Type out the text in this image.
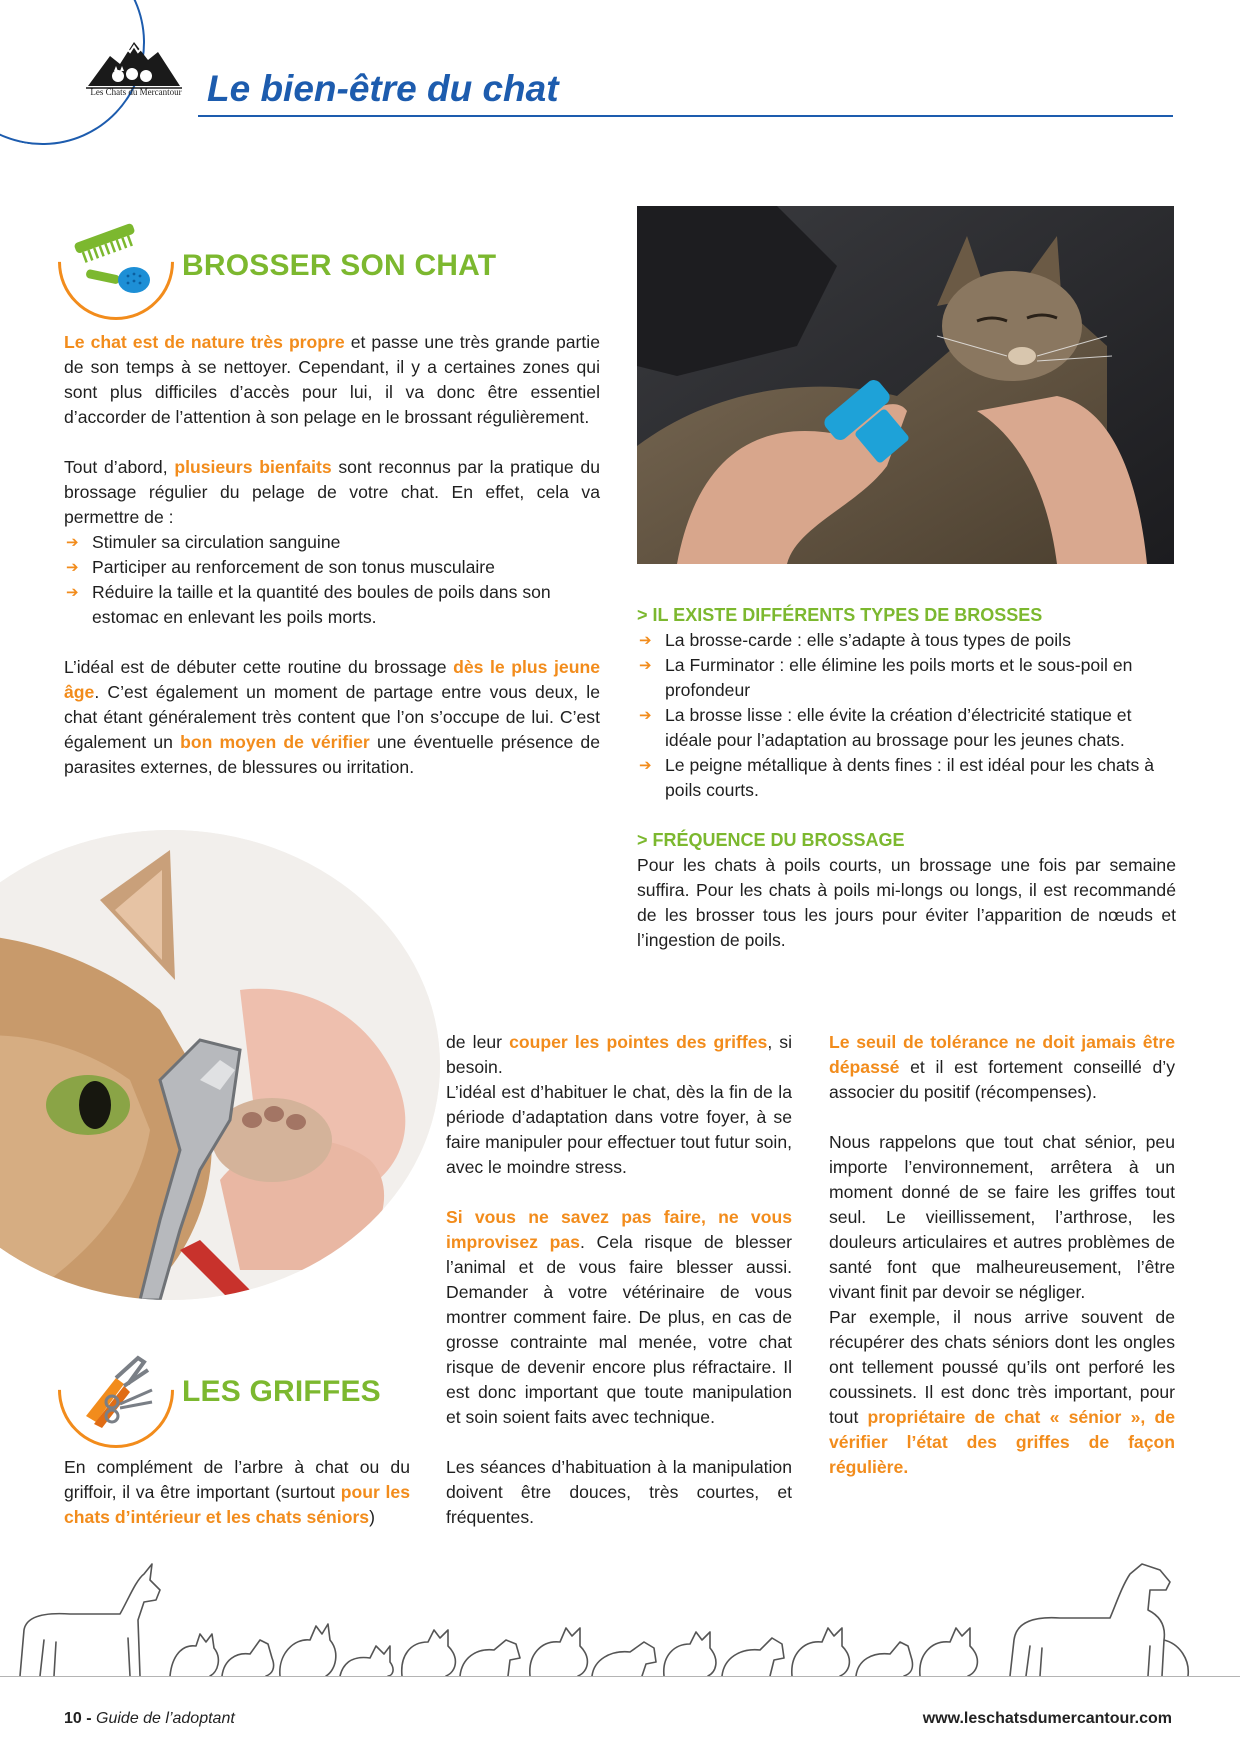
Les Chats du Mercantour Le bien-être du chat
BROSSER SON CHAT

Le chat est de nature très propre et passe une très grande partie de son temps à se nettoyer. Cependant, il y a certaines zones qui sont plus difficiles d’accès pour lui, il va donc être essentiel d’accorder de l’attention à son pelage en le brossant régulièrement.

Tout d’abord, plusieurs bienfaits sont reconnus par la pratique du brossage régulier du pelage de votre chat. En effet, cela va permettre de :

➔ Stimuler sa circulation sanguine
➔ Participer au renforcement de son tonus musculaire
➔ Réduire la taille et la quantité des boules de poils dans son estomac en enlevant les poils morts.

L’idéal est de débuter cette routine du brossage dès le plus jeune âge. C’est également un moment de partage entre vous deux, le chat étant généralement très content que l’on s’occupe de lui. C’est également un bon moyen de vérifier une éventuelle présence de parasites externes, de blessures ou irritation.

> IL EXISTE DIFFÉRENTS TYPES DE BROSSES
➔ La brosse-carde : elle s’adapte à tous types de poils
➔ La Furminator : elle élimine les poils morts et le sous-poil en profondeur
➔ La brosse lisse : elle évite la création d’électricité statique et idéale pour l’adaptation au brossage pour les jeunes chats.
➔ Le peigne métallique à dents fines : il est idéal pour les chats à poils courts.
> FRÉQUENCE DU BROSSAGE

Pour les chats à poils courts, un brossage une fois par semaine suffira. Pour les chats à poils mi-longs ou longs, il est recommandé de les brosser tous les jours pour éviter l’apparition de nœuds et l’ingestion de poils.

LES GRIFFES

En complément de l’arbre à chat ou du griffoir, il va être important (surtout pour les chats d’intérieur et les chats séniors)

de leur couper les pointes des griffes, si besoin.

L’idéal est d’habituer le chat, dès la fin de la période d’adaptation dans votre foyer, à se faire manipuler pour effectuer tout futur soin, avec le moindre stress.

Si vous ne savez pas faire, ne vous improvisez pas. Cela risque de blesser l’animal et de vous faire blesser aussi. Demander à votre vétérinaire de vous montrer comment faire. De plus, en cas de grosse contrainte mal menée, votre chat risque de devenir encore plus réfractaire. Il est donc important que toute manipulation et soin soient faits avec technique.

Les séances d’habituation à la manipulation doivent être douces, très courtes, et fréquentes.

Le seuil de tolérance ne doit jamais être dépassé et il est fortement conseillé d’y associer du positif (récompenses).

Nous rappelons que tout chat sénior, peu importe l’environnement, arrêtera à un moment donné de se faire les griffes tout seul. Le vieillissement, l’arthrose, les douleurs articulaires et autres problèmes de santé font que malheureusement, l’être vivant finit par devoir se négliger.

Par exemple, il nous arrive souvent de récupérer des chats séniors dont les ongles ont tellement poussé qu’ils ont perforé les coussinets. Il est donc très important, pour tout propriétaire de chat « sénior », de vérifier l’état des griffes de façon régulière.

10 - Guide de l’adoptant	www.leschatsdumercantour.com
